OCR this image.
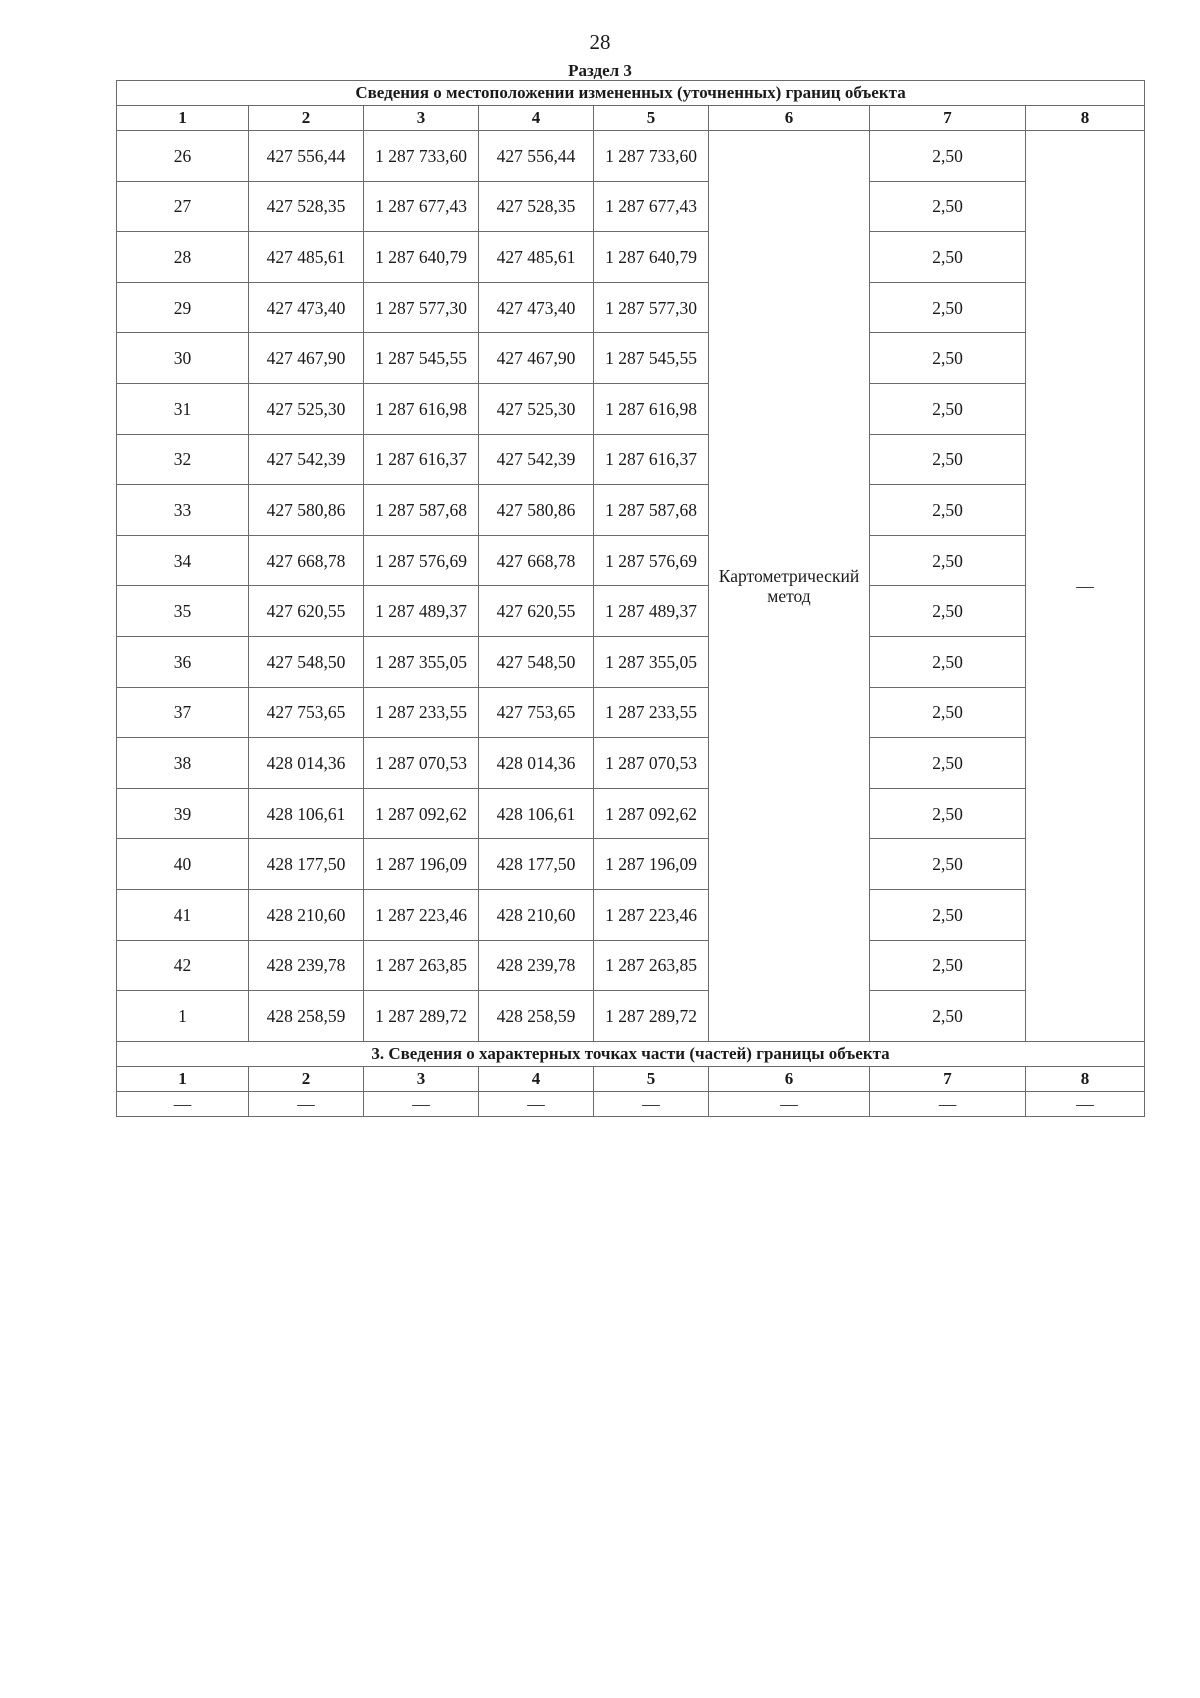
28
Раздел 3
Сведения о местоположении измененных (уточненных) границ объекта							
1	2	3	4	5	6	7	8
26	427 556,44	1 287 733,60	427 556,44	1 287 733,60	Картометрический метод	2,50	—
27	427 528,35	1 287 677,43	427 528,35	1 287 677,43		2,50	
28	427 485,61	1 287 640,79	427 485,61	1 287 640,79		2,50	
29	427 473,40	1 287 577,30	427 473,40	1 287 577,30		2,50	
30	427 467,90	1 287 545,55	427 467,90	1 287 545,55		2,50	
31	427 525,30	1 287 616,98	427 525,30	1 287 616,98		2,50	
32	427 542,39	1 287 616,37	427 542,39	1 287 616,37		2,50	
33	427 580,86	1 287 587,68	427 580,86	1 287 587,68		2,50	
34	427 668,78	1 287 576,69	427 668,78	1 287 576,69		2,50	
35	427 620,55	1 287 489,37	427 620,55	1 287 489,37		2,50	
36	427 548,50	1 287 355,05	427 548,50	1 287 355,05		2,50	
37	427 753,65	1 287 233,55	427 753,65	1 287 233,55		2,50	
38	428 014,36	1 287 070,53	428 014,36	1 287 070,53		2,50	
39	428 106,61	1 287 092,62	428 106,61	1 287 092,62		2,50	
40	428 177,50	1 287 196,09	428 177,50	1 287 196,09		2,50	
41	428 210,60	1 287 223,46	428 210,60	1 287 223,46		2,50	
42	428 239,78	1 287 263,85	428 239,78	1 287 263,85		2,50	
1	428 258,59	1 287 289,72	428 258,59	1 287 289,72		2,50	
3. Сведения о характерных точках части (частей) границы объекта							
1	2	3	4	5	6	7	8
—	—	—	—	—	—	—	—
